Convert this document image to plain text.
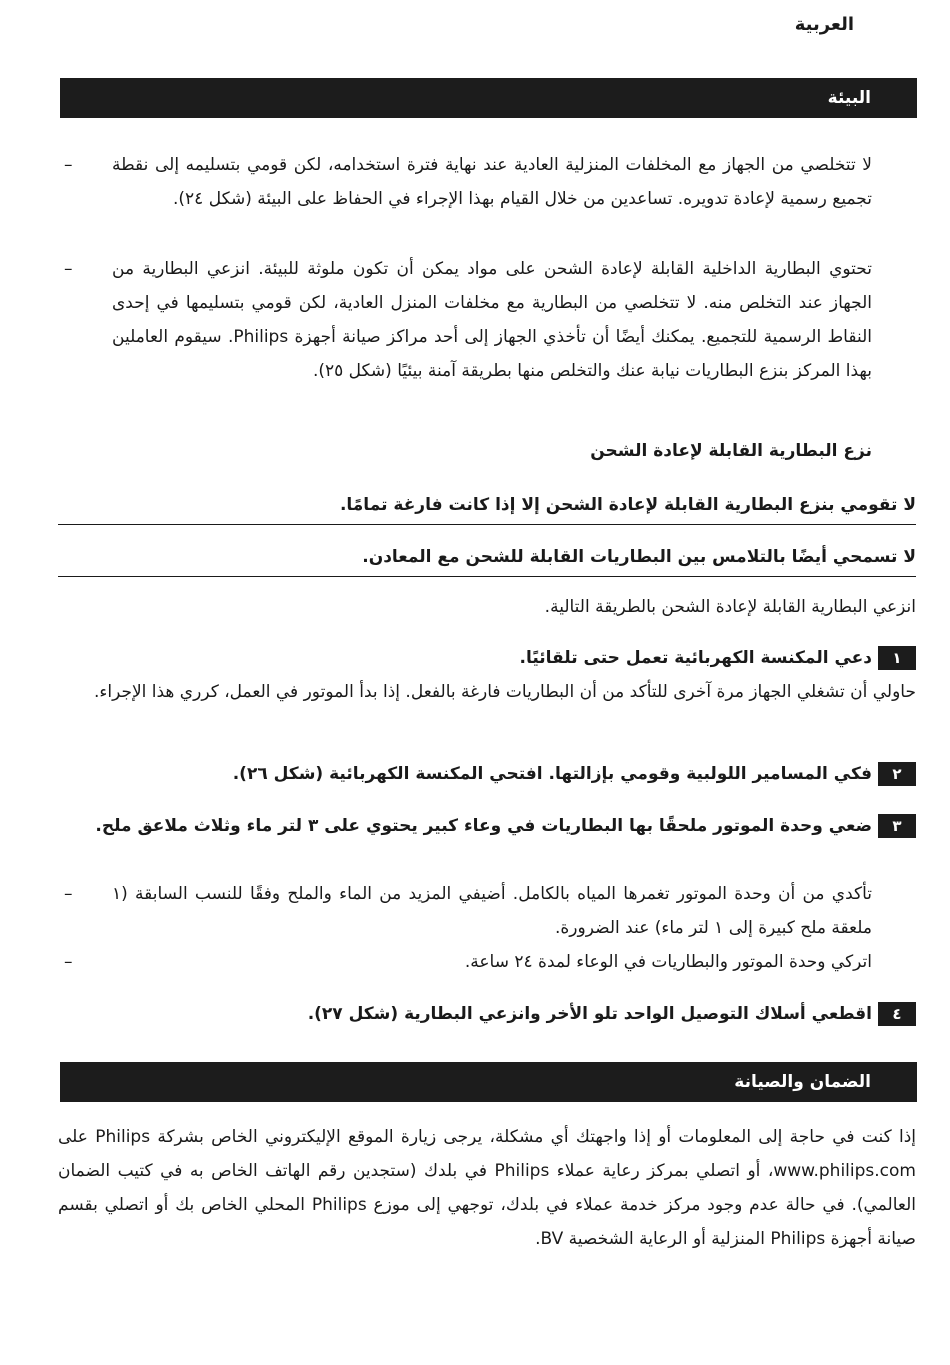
العربية
البيئة
– لا تتخلصي من الجهاز مع المخلفات المنزلية العادية عند نهاية فترة استخدامه، لكن قومي بتسليمه إلى نقطة تجميع رسمية لإعادة تدويره. تساعدين من خلال القيام بهذا الإجراء في الحفاظ على البيئة (شكل ٢٤).
– تحتوي البطارية الداخلية القابلة لإعادة الشحن على مواد يمكن أن تكون ملوثة للبيئة. انزعي البطارية من الجهاز عند التخلص منه. لا تتخلصي من البطارية مع مخلفات المنزل العادية، لكن قومي بتسليمها في إحدى النقاط الرسمية للتجميع. يمكنك أيضًا أن تأخذي الجهاز إلى أحد مراكز صيانة أجهزة Philips. سيقوم العاملين بهذا المركز بنزع البطاريات نيابة عنك والتخلص منها بطريقة آمنة بيئيًا (شكل ٢٥).
نزع البطارية القابلة لإعادة الشحن
لا تقومي بنزع البطارية القابلة لإعادة الشحن إلا إذا كانت فارغة تمامًا.
لا تسمحي أيضًا بالتلامس بين البطاريات القابلة للشحن مع المعادن.
انزعي البطارية القابلة لإعادة الشحن بالطريقة التالية.
١دعي المكنسة الكهربائية تعمل حتى تلقائيًا.
حاولي أن تشغلي الجهاز مرة آخرى للتأكد من أن البطاريات فارغة بالفعل. إذا بدأ الموتور في العمل، كرري هذا الإجراء.
٢فكي المسامير اللولبية وقومي بإزالتها. افتحي المكنسة الكهربائية (شكل ٢٦).
٣ضعي وحدة الموتور ملحقًا بها البطاريات في وعاء كبير يحتوي على ٣ لتر ماء وثلاث ملاعق ملح.
– تأكدي من أن وحدة الموتور تغمرها المياه بالكامل. أضيفي المزيد من الماء والملح وفقًا للنسب السابقة (١ ملعقة ملح كبيرة إلى ١ لتر ماء) عند الضرورة.
–	اتركي وحدة الموتور والبطاريات في الوعاء لمدة ٢٤ ساعة.
٤اقطعي أسلاك التوصيل الواحد تلو الأخر وانزعي البطارية (شكل ٢٧).
الضمان والصيانة
إذا كنت في حاجة إلى المعلومات أو إذا واجهتك أي مشكلة، يرجى زيارة الموقع الإليكتروني الخاص بشركة Philips على www.philips.com، أو اتصلي بمركز رعاية عملاء Philips في بلدك (ستجدين رقم الهاتف الخاص به في كتيب الضمان العالمي). في حالة عدم وجود مركز خدمة عملاء في بلدك، توجهي إلى موزع Philips المحلي الخاص بك أو اتصلي بقسم صيانة أجهزة Philips المنزلية أو الرعاية الشخصية BV.
